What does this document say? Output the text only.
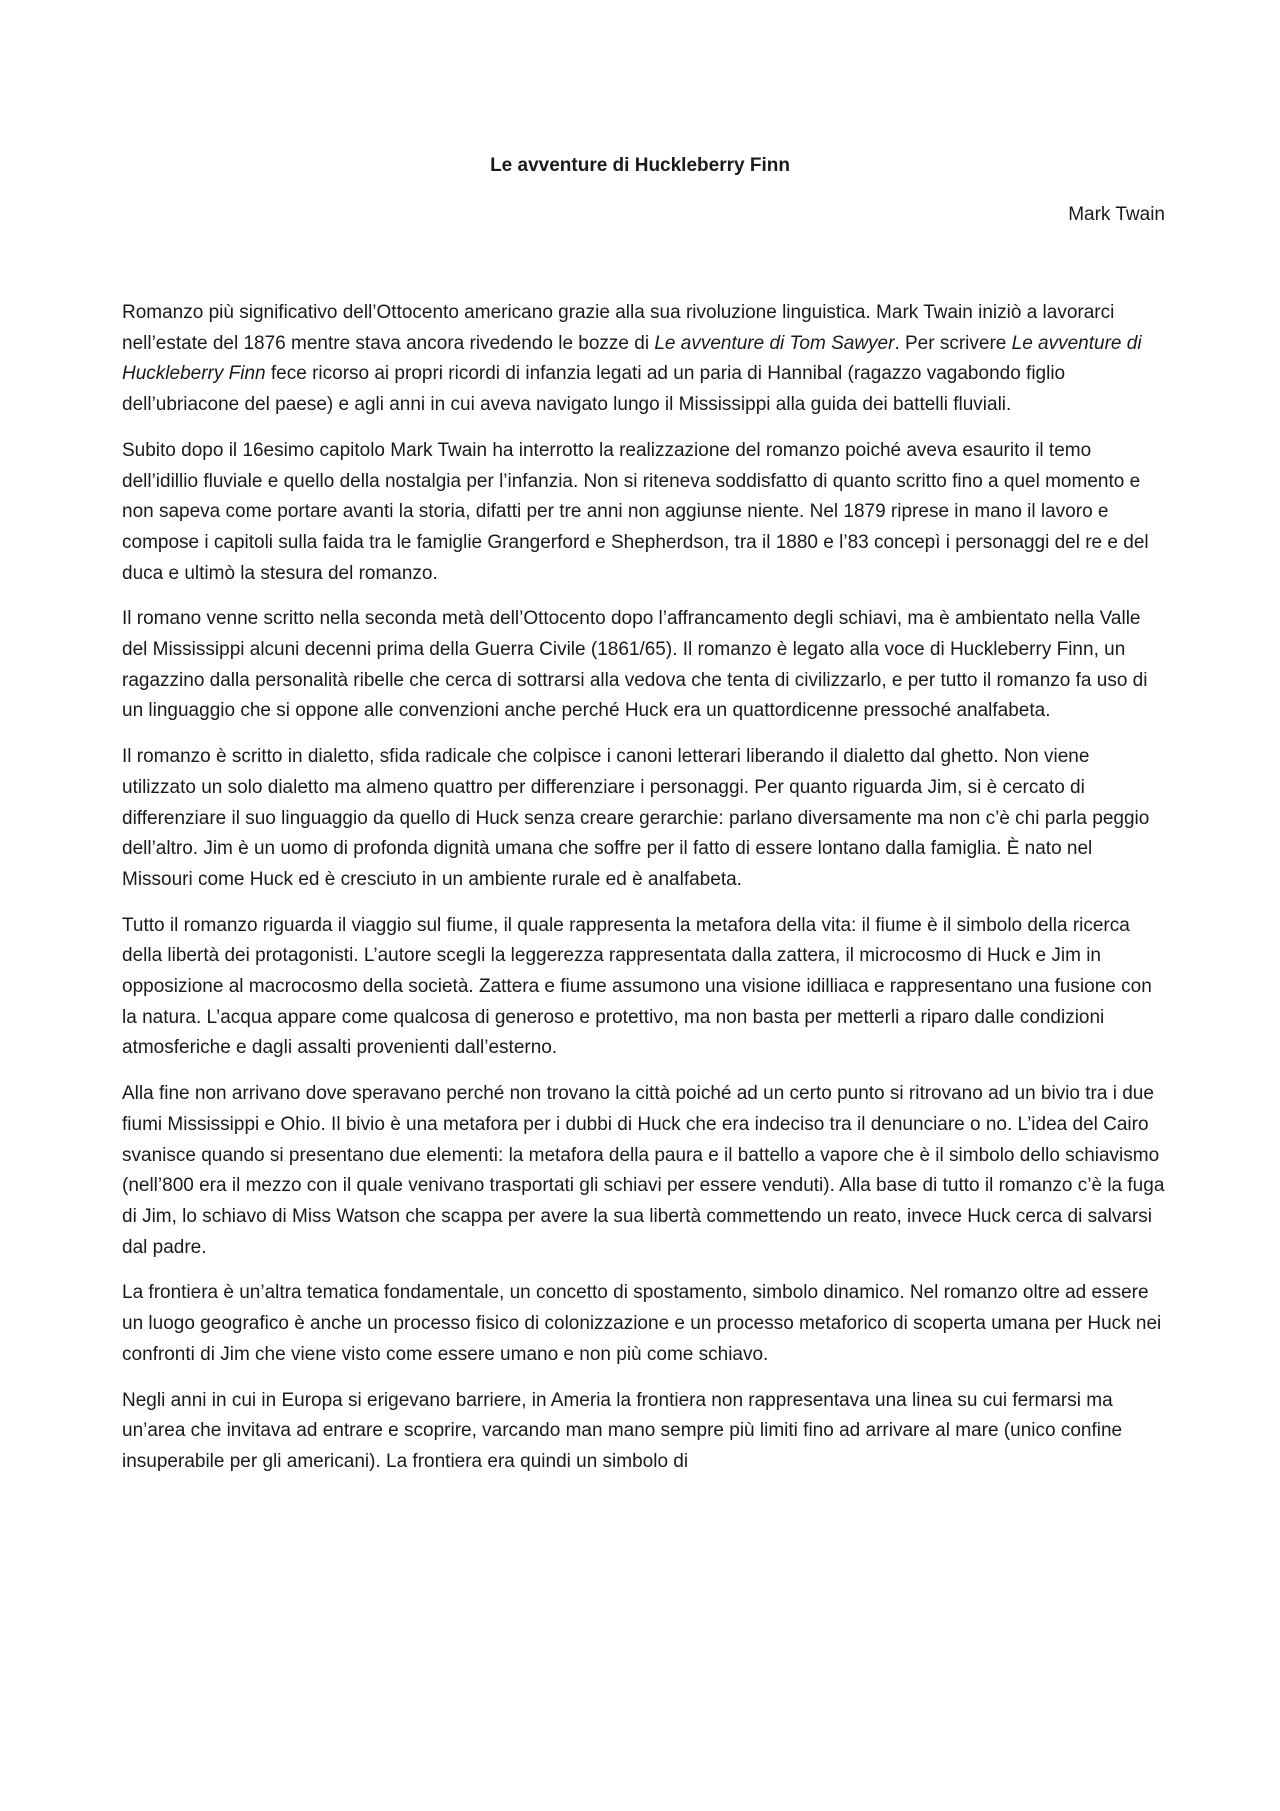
Le avventure di Huckleberry Finn

Mark Twain

Romanzo più significativo dell’Ottocento americano grazie alla sua rivoluzione linguistica. Mark Twain iniziò a lavorarci nell’estate del 1876 mentre stava ancora rivedendo le bozze di Le avventure di Tom Sawyer. Per scrivere Le avventure di Huckleberry Finn fece ricorso ai propri ricordi di infanzia legati ad un paria di Hannibal (ragazzo vagabondo figlio dell’ubriacone del paese) e agli anni in cui aveva navigato lungo il Mississippi alla guida dei battelli fluviali.

Subito dopo il 16esimo capitolo Mark Twain ha interrotto la realizzazione del romanzo poiché aveva esaurito il temo dell’idillio fluviale e quello della nostalgia per l’infanzia. Non si riteneva soddisfatto di quanto scritto fino a quel momento e non sapeva come portare avanti la storia, difatti per tre anni non aggiunse niente. Nel 1879 riprese in mano il lavoro e compose i capitoli sulla faida tra le famiglie Grangerford e Shepherdson, tra il 1880 e l’83 concepì i personaggi del re e del duca e ultimò la stesura del romanzo.

Il romano venne scritto nella seconda metà dell’Ottocento dopo l’affrancamento degli schiavi, ma è ambientato nella Valle del Mississippi alcuni decenni prima della Guerra Civile (1861/65). Il romanzo è legato alla voce di Huckleberry Finn, un ragazzino dalla personalità ribelle che cerca di sottrarsi alla vedova che tenta di civilizzarlo, e per tutto il romanzo fa uso di un linguaggio che si oppone alle convenzioni anche perché Huck era un quattordicenne pressoché analfabeta.

Il romanzo è scritto in dialetto, sfida radicale che colpisce i canoni letterari liberando il dialetto dal ghetto. Non viene utilizzato un solo dialetto ma almeno quattro per differenziare i personaggi. Per quanto riguarda Jim, si è cercato di differenziare il suo linguaggio da quello di Huck senza creare gerarchie: parlano diversamente ma non c’è chi parla peggio dell’altro. Jim è un uomo di profonda dignità umana che soffre per il fatto di essere lontano dalla famiglia. È nato nel Missouri come Huck ed è cresciuto in un ambiente rurale ed è analfabeta.

Tutto il romanzo riguarda il viaggio sul fiume, il quale rappresenta la metafora della vita: il fiume è il simbolo della ricerca della libertà dei protagonisti. L’autore scegli la leggerezza rappresentata dalla zattera, il microcosmo di Huck e Jim in opposizione al macrocosmo della società. Zattera e fiume assumono una visione idilliaca e rappresentano una fusione con la natura. L’acqua appare come qualcosa di generoso e protettivo, ma non basta per metterli a riparo dalle condizioni atmosferiche e dagli assalti provenienti dall’esterno.

Alla fine non arrivano dove speravano perché non trovano la città poiché ad un certo punto si ritrovano ad un bivio tra i due fiumi Mississippi e Ohio. Il bivio è una metafora per i dubbi di Huck che era indeciso tra il denunciare o no. L’idea del Cairo svanisce quando si presentano due elementi: la metafora della paura e il battello a vapore che è il simbolo dello schiavismo (nell’800 era il mezzo con il quale venivano trasportati gli schiavi per essere venduti). Alla base di tutto il romanzo c’è la fuga di Jim, lo schiavo di Miss Watson che scappa per avere la sua libertà commettendo un reato, invece Huck cerca di salvarsi dal padre.

La frontiera è un’altra tematica fondamentale, un concetto di spostamento, simbolo dinamico. Nel romanzo oltre ad essere un luogo geografico è anche un processo fisico di colonizzazione e un processo metaforico di scoperta umana per Huck nei confronti di Jim che viene visto come essere umano e non più come schiavo.

Negli anni in cui in Europa si erigevano barriere, in Ameria la frontiera non rappresentava una linea su cui fermarsi ma un’area che invitava ad entrare e scoprire, varcando man mano sempre più limiti fino ad arrivare al mare (unico confine insuperabile per gli americani). La frontiera era quindi un simbolo di
